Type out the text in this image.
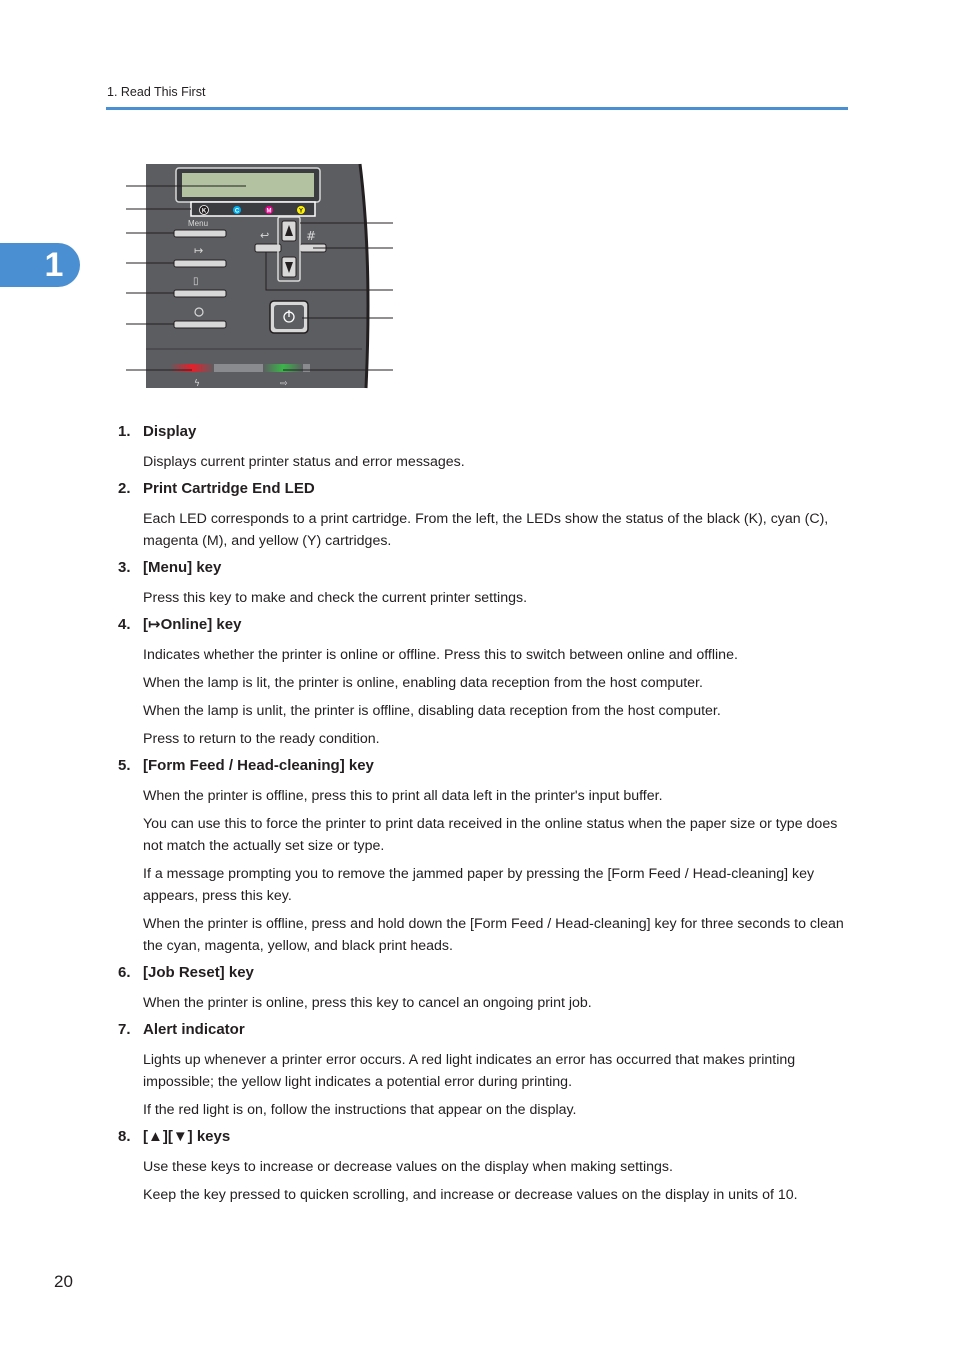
1. Read This First
1
K	C	M	Y
Menu
↦
▯
↩	#
ϟ	⇨
1. Display

Displays current printer status and error messages.

2. Print Cartridge End LED

Each LED corresponds to a print cartridge. From the left, the LEDs show the status of the black (K), cyan (C), magenta (M), and yellow (Y) cartridges.

3. [Menu] key

Press this key to make and check the current printer settings.

4. [↦Online] key

Indicates whether the printer is online or offline. Press this to switch between online and offline.

When the lamp is lit, the printer is online, enabling data reception from the host computer.

When the lamp is unlit, the printer is offline, disabling data reception from the host computer.

Press to return to the ready condition.

5. [Form Feed / Head-cleaning] key

When the printer is offline, press this to print all data left in the printer's input buffer.

You can use this to force the printer to print data received in the online status when the paper size or type does not match the actually set size or type.

If a message prompting you to remove the jammed paper by pressing the [Form Feed / Head-cleaning] key appears, press this key.

When the printer is offline, press and hold down the [Form Feed / Head-cleaning] key for three seconds to clean the cyan, magenta, yellow, and black print heads.

6. [Job Reset] key

When the printer is online, press this key to cancel an ongoing print job.

7. Alert indicator

Lights up whenever a printer error occurs. A red light indicates an error has occurred that makes printing impossible; the yellow light indicates a potential error during printing.

If the red light is on, follow the instructions that appear on the display.

8. [▲][▼] keys

Use these keys to increase or decrease values on the display when making settings.

Keep the key pressed to quicken scrolling, and increase or decrease values on the display in units of 10.

20
